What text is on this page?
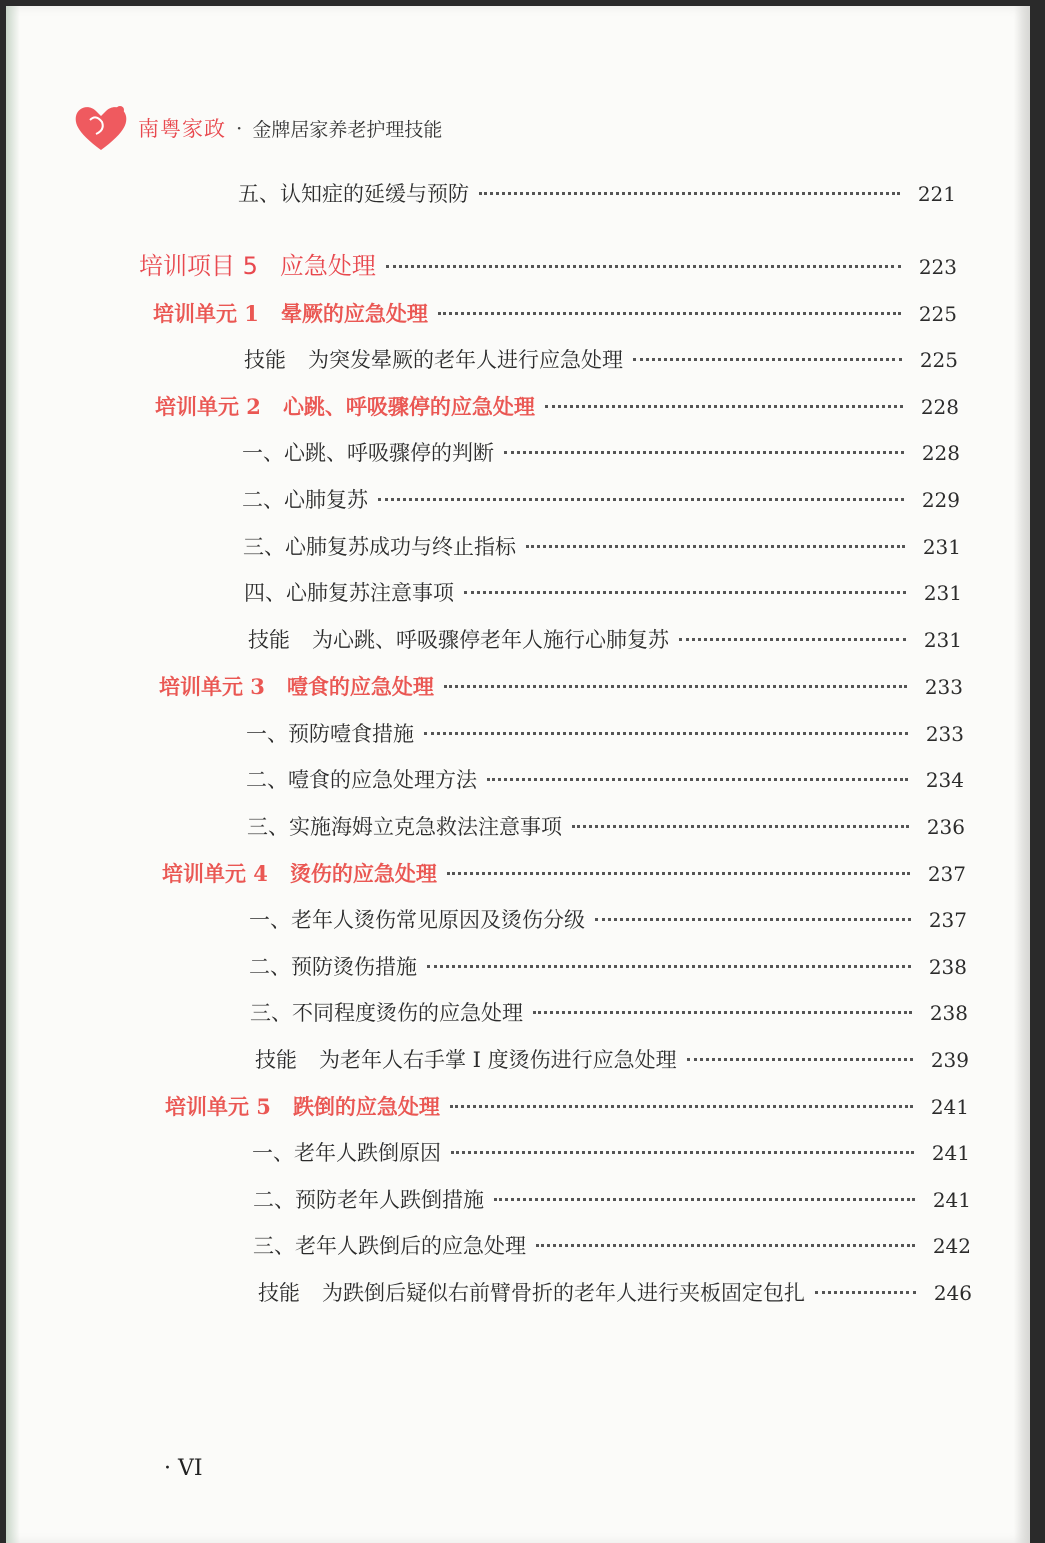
南粤家政 · 金牌居家养老护理技能
五、认知症的延缓与预防	221
培训项目 5 应急处理	223
培训单元 1 晕厥的应急处理	225
技能 为突发晕厥的老年人进行应急处理	225
培训单元 2 心跳、呼吸骤停的应急处理	228
一、心跳、呼吸骤停的判断	228
二、心肺复苏	229
三、心肺复苏成功与终止指标	231
四、心肺复苏注意事项	231
技能 为心跳、呼吸骤停老年人施行心肺复苏	231
培训单元 3 噎食的应急处理	233
一、预防噎食措施	233
二、噎食的应急处理方法	234
三、实施海姆立克急救法注意事项	236
培训单元 4 烫伤的应急处理	237
一、老年人烫伤常见原因及烫伤分级	237
二、预防烫伤措施	238
三、不同程度烫伤的应急处理	238
技能 为老年人右手掌 I 度烫伤进行应急处理	239
培训单元 5 跌倒的应急处理	241
一、老年人跌倒原因	241
二、预防老年人跌倒措施	241
三、老年人跌倒后的应急处理	242
技能 为跌倒后疑似右前臂骨折的老年人进行夹板固定包扎	246
· VI
